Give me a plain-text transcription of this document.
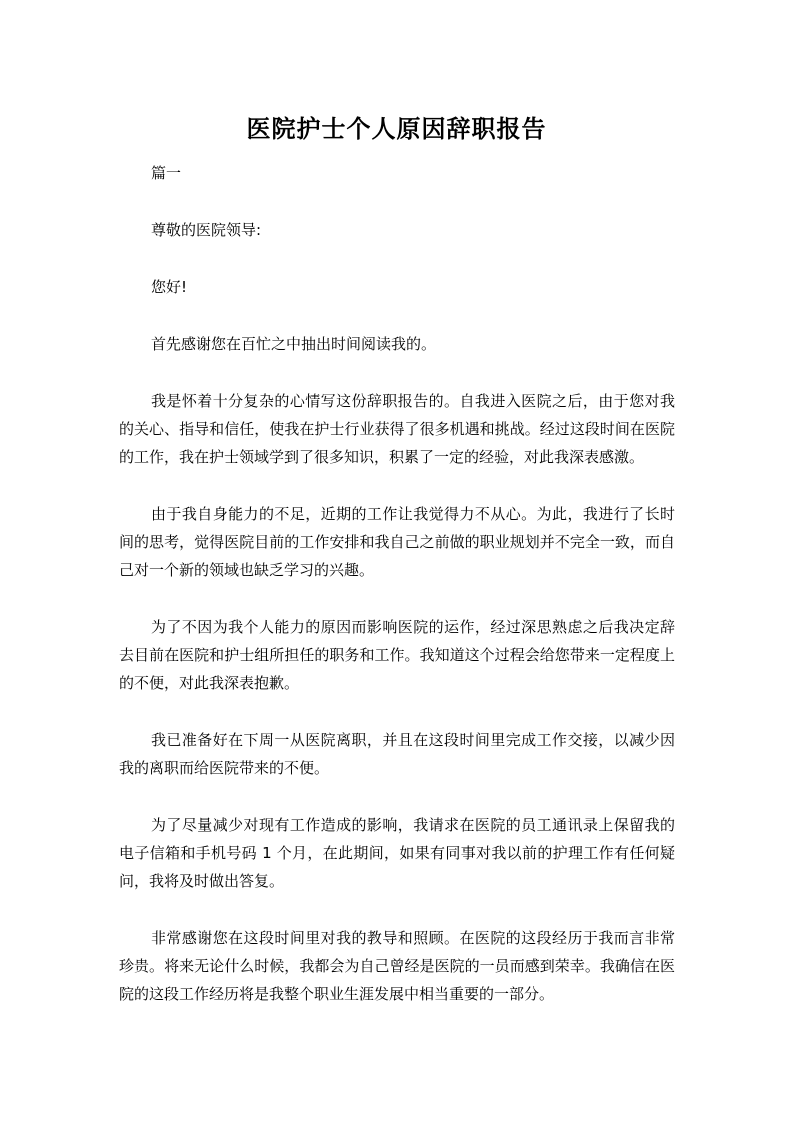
医院护士个人原因辞职报告

篇一

尊敬的医院领导:

您好!

首先感谢您在百忙之中抽出时间阅读我的。

我是怀着十分复杂的心情写这份辞职报告的。自我进入医院之后，由于您对我的关心、指导和信任，使我在护士行业获得了很多机遇和挑战。经过这段时间在医院的工作，我在护士领域学到了很多知识，积累了一定的经验，对此我深表感激。

由于我自身能力的不足，近期的工作让我觉得力不从心。为此，我进行了长时间的思考，觉得医院目前的工作安排和我自己之前做的职业规划并不完全一致，而自己对一个新的领域也缺乏学习的兴趣。

为了不因为我个人能力的原因而影响医院的运作，经过深思熟虑之后我决定辞去目前在医院和护士组所担任的职务和工作。我知道这个过程会给您带来一定程度上的不便，对此我深表抱歉。

我已准备好在下周一从医院离职，并且在这段时间里完成工作交接，以减少因我的离职而给医院带来的不便。

为了尽量减少对现有工作造成的影响，我请求在医院的员工通讯录上保留我的电子信箱和手机号码 1 个月，在此期间，如果有同事对我以前的护理工作有任何疑问，我将及时做出答复。

非常感谢您在这段时间里对我的教导和照顾。在医院的这段经历于我而言非常珍贵。将来无论什么时候，我都会为自己曾经是医院的一员而感到荣幸。我确信在医院的这段工作经历将是我整个职业生涯发展中相当重要的一部分。
